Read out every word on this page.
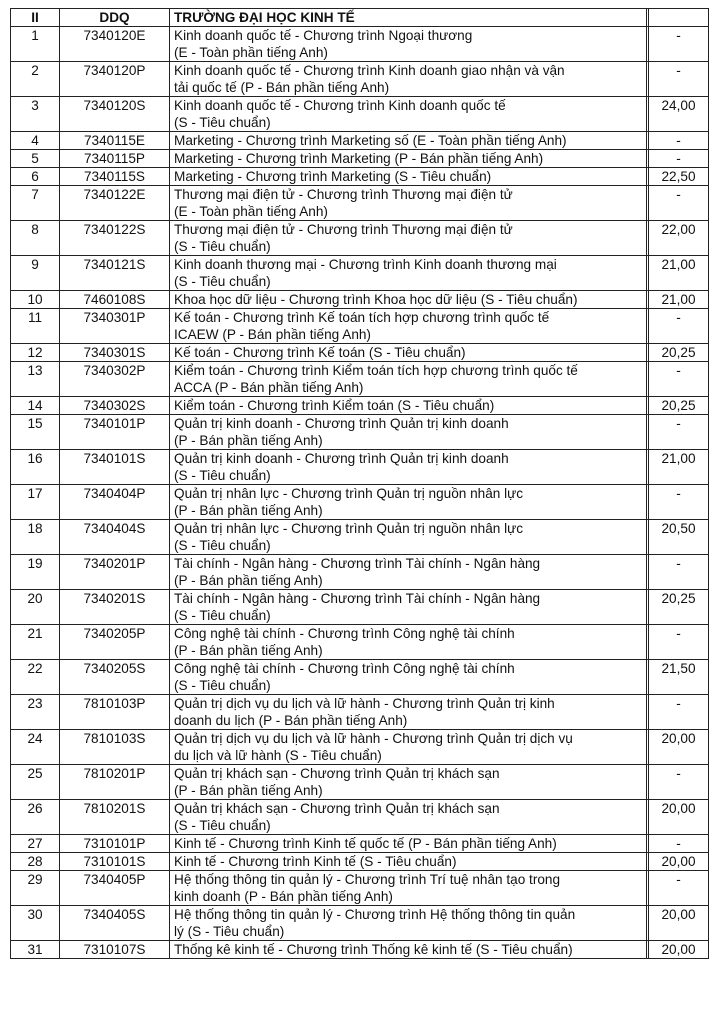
II	DDQ	TRƯỜNG ĐẠI HỌC KINH TẾ		
1	7340120E	Kinh doanh quốc tế - Chương trình Ngoại thương
(E - Toàn phần tiếng Anh)		-
2	7340120P	Kinh doanh quốc tế - Chương trình Kinh doanh giao nhận và vận
tải quốc tế (P - Bán phần tiếng Anh)		-
3	7340120S	Kinh doanh quốc tế - Chương trình Kinh doanh quốc tế
(S - Tiêu chuẩn)		24,00
4	7340115E	Marketing - Chương trình Marketing số (E - Toàn phần tiếng Anh)		-
5	7340115P	Marketing - Chương trình Marketing (P - Bán phần tiếng Anh)		-
6	7340115S	Marketing - Chương trình Marketing (S - Tiêu chuẩn)		22,50
7	7340122E	Thương mại điện tử - Chương trình Thương mại điện tử
(E - Toàn phần tiếng Anh)		-
8	7340122S	Thương mại điện tử - Chương trình Thương mại điện tử
(S - Tiêu chuẩn)		22,00
9	7340121S	Kinh doanh thương mại - Chương trình Kinh doanh thương mại
(S - Tiêu chuẩn)		21,00
10	7460108S	Khoa học dữ liệu - Chương trình Khoa học dữ liệu (S - Tiêu chuẩn)		21,00
11	7340301P	Kế toán - Chương trình Kế toán tích hợp chương trình quốc tế
ICAEW (P - Bán phần tiếng Anh)		-
12	7340301S	Kế toán - Chương trình Kế toán (S - Tiêu chuẩn)		20,25
13	7340302P	Kiểm toán - Chương trình Kiểm toán tích hợp chương trình quốc tế
ACCA (P - Bán phần tiếng Anh)		-
14	7340302S	Kiểm toán - Chương trình Kiểm toán (S - Tiêu chuẩn)		20,25
15	7340101P	Quản trị kinh doanh - Chương trình Quản trị kinh doanh
(P - Bán phần tiếng Anh)		-
16	7340101S	Quản trị kinh doanh - Chương trình Quản trị kinh doanh
(S - Tiêu chuẩn)		21,00
17	7340404P	Quản trị nhân lực - Chương trình Quản trị nguồn nhân lực
(P - Bán phần tiếng Anh)		-
18	7340404S	Quản trị nhân lực - Chương trình Quản trị nguồn nhân lực
(S - Tiêu chuẩn)		20,50
19	7340201P	Tài chính - Ngân hàng - Chương trình Tài chính - Ngân hàng
(P - Bán phần tiếng Anh)		-
20	7340201S	Tài chính - Ngân hàng - Chương trình Tài chính - Ngân hàng
(S - Tiêu chuẩn)		20,25
21	7340205P	Công nghệ tài chính - Chương trình Công nghệ tài chính
(P - Bán phần tiếng Anh)		-
22	7340205S	Công nghệ tài chính - Chương trình Công nghệ tài chính
(S - Tiêu chuẩn)		21,50
23	7810103P	Quản trị dịch vụ du lịch và lữ hành - Chương trình Quản trị kinh
doanh du lịch (P - Bán phần tiếng Anh)		-
24	7810103S	Quản trị dịch vụ du lịch và lữ hành - Chương trình Quản trị dịch vụ
du lịch và lữ hành (S - Tiêu chuẩn)		20,00
25	7810201P	Quản trị khách sạn - Chương trình Quản trị khách sạn
(P - Bán phần tiếng Anh)		-
26	7810201S	Quản trị khách sạn - Chương trình Quản trị khách sạn
(S - Tiêu chuẩn)		20,00
27	7310101P	Kinh tế - Chương trình Kinh tế quốc tế (P - Bán phần tiếng Anh)		-
28	7310101S	Kinh tế - Chương trình Kinh tế (S - Tiêu chuẩn)		20,00
29	7340405P	Hệ thống thông tin quản lý - Chương trình Trí tuệ nhân tạo trong
kinh doanh (P - Bán phần tiếng Anh)		-
30	7340405S	Hệ thống thông tin quản lý - Chương trình Hệ thống thông tin quản
lý (S - Tiêu chuẩn)		20,00
31	7310107S	Thống kê kinh tế - Chương trình Thống kê kinh tế (S - Tiêu chuẩn)		20,00
